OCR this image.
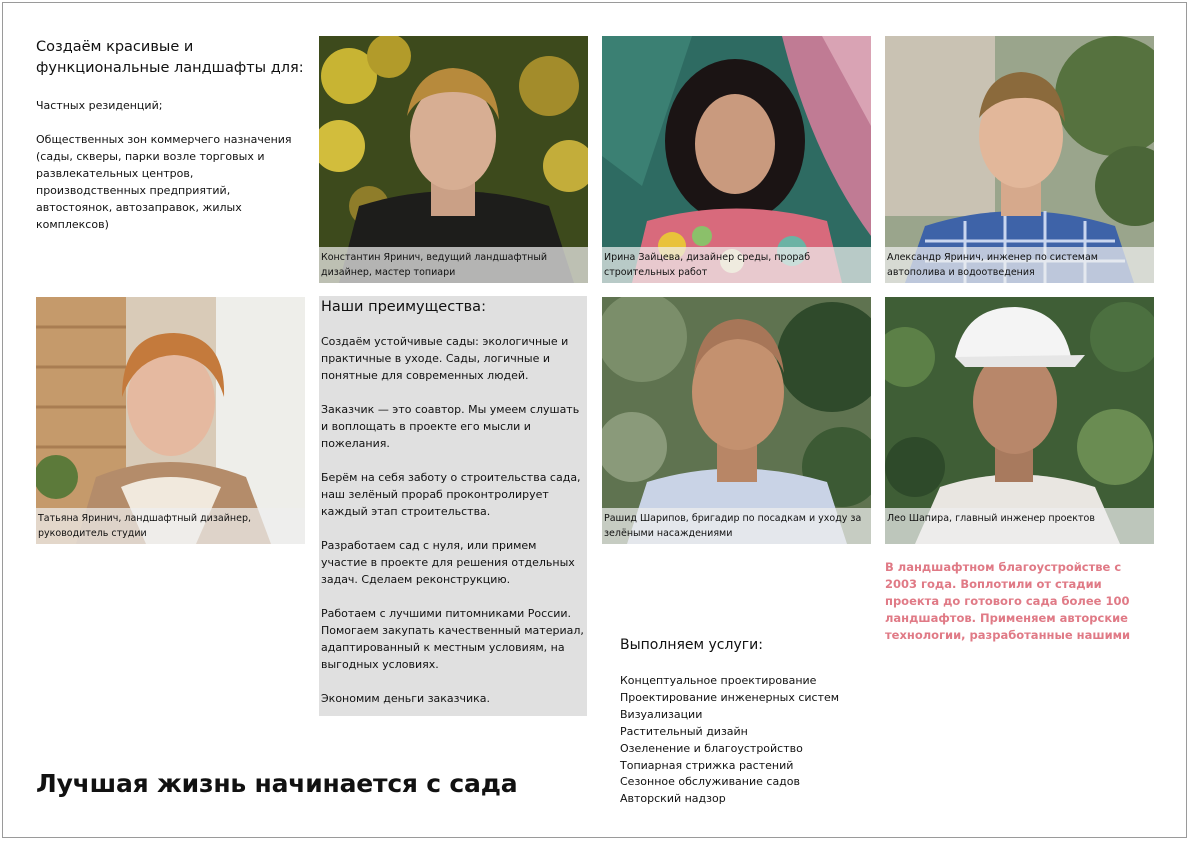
Создаём красивые и функциональные ландшафты для:
Частных резиденций;
Общественных зон коммерчего назначения (сады, скверы, парки возле торговых и развлекательных центров, производственных предприятий, автостоянок, автозаправок, жилых комплексов)
Константин Яринич, ведущий ландшафтный дизайнер, мастер топиари
Ирина Зайцева, дизайнер среды, прораб строительных работ
Александр Яринич, инженер по системам автополива и водоотведения
Татьяна Яринич, ландшафтный дизайнер, руководитель студии
Наши преимущества:

Создаём устойчивые сады: экологичные и практичные в уходе. Сады, логичные и понятные для современных людей.

Заказчик — это соавтор. Мы умеем слушать и воплощать в проекте его мысли и пожелания.

Берём на себя заботу о строительства сада, наш зелёный прораб проконтролирует каждый этап строительства.

Разработаем сад с нуля, или примем участие в проекте для решения отдельных задач. Сделаем реконструкцию.

Работаем с лучшими питомниками России. Помогаем закупать качественный материал, адаптированный к местным условиям, на выгодных условиях.

Экономим деньги заказчика.

Рашид Шарипов, бригадир по посадкам и уходу за зелёными насаждениями
Лео Шапира, главный инженер проектов
В ландшафтном благоустройстве с 2003 года. Воплотили от стадии проекта до готового сада более 100 ландшафтов. Применяем авторские технологии, разработанные нашими
Выполняем услуги:
Концептуальное проектирование
Проектирование инженерных систем
Визуализации
Растительный дизайн
Озеленение и благоустройство
Топиарная стрижка растений
Сезонное обслуживание садов
Авторский надзор
Лучшая жизнь начинается с сада
